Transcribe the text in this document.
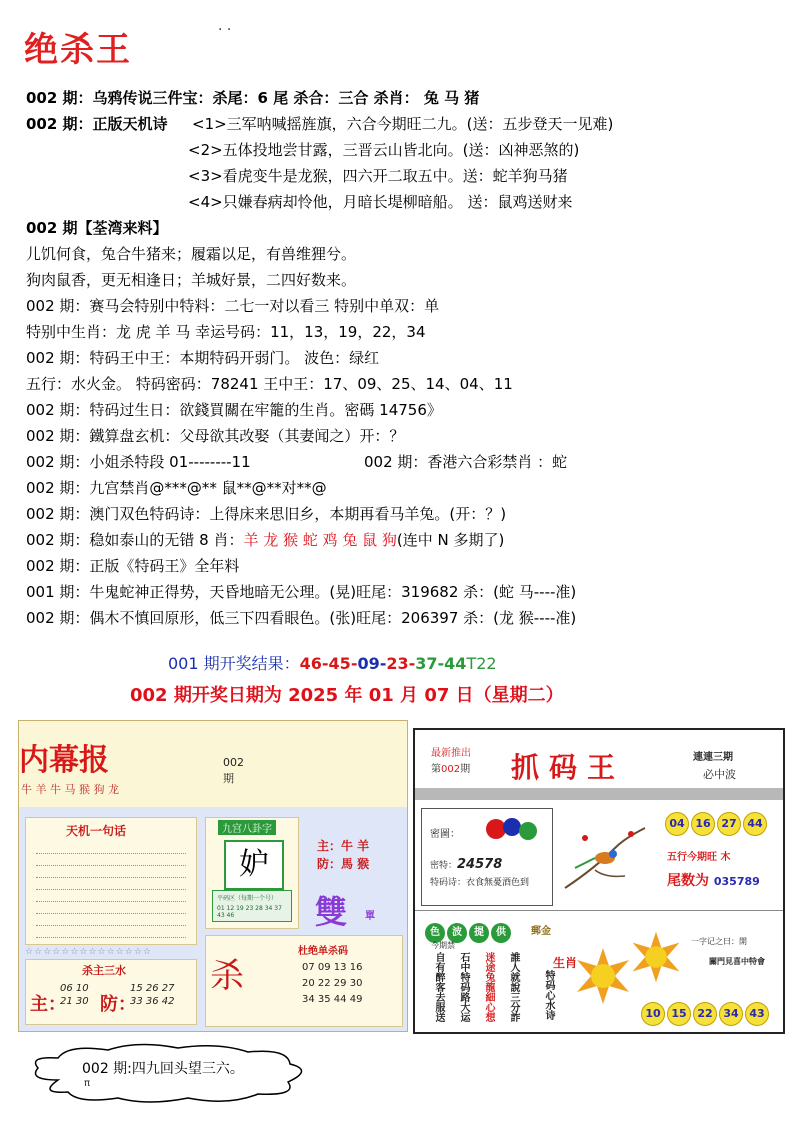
绝杀王	· ·
002 期：乌鸦传说三件宝：杀尾：6 尾 杀合：三合 杀肖： 兔 马 猪
002 期：正版天机诗 <1>三军呐喊摇旌旗，六合今期旺二九。(送：五步登天一见难)
<2>五体投地尝甘露，三晋云山皆北向。(送：凶神恶煞的)
<3>看虎变牛是龙猴，四六开二取五中。送：蛇羊狗马猪
<4>只嫌春病却怜他，月暗长堤柳暗船。 送：鼠鸡送财来
002 期【荃湾来料】
儿饥何食，兔合牛猪来；履霜以足，有兽维狸兮。
狗肉鼠香，更无相逢日；羊城好景，二四好数来。
002 期：赛马会特别中特料：二七一对以看三 特别中单双：单
特别中生肖：龙 虎 羊 马 幸运号码：11，13，19，22，34
002 期：特码王中王：本期特码开弱门。 波色：绿红
五行：水火金。 特码密码：78241 王中王：17、09、25、14、04、11
002 期：特码过生日：欲錢買關在牢籠的生肖。密碼 14756》
002 期：鐵算盘玄机：父母欲其改娶（其妻闻之）开：？
002 期：小姐杀特段 01--------11	002 期：香港六合彩禁肖 ：蛇
002 期：九宫禁肖@***@** 鼠**@**对**@
002 期：澳门双色特码诗：上得床来思旧乡，本期再看马羊兔。(开：？)
002 期：稳如泰山的无错 8 肖：羊 龙 猴 蛇 鸡 兔 鼠 狗(连中 N 多期了)
002 期：正版《特码王》全年料
001 期：牛鬼蛇神正得势，天昏地暗无公理。(晃)旺尾：319682 杀：(蛇 马----准)
002 期：偶木不慎回原形，低三下四看眼色。(张)旺尾：206397 杀：(龙 猴----准)
001 期开奖结果：46-45-09-23-37-44T22
002 期开奖日期为 2025 年 01 月 07 日（星期二）
内幕报
牛 羊 牛 马 猴 狗 龙
002
期
天机一句话
☆☆☆☆☆☆☆☆☆☆☆☆☆☆
杀主三水
主：
06 10
21 30 防：
15 26 27
33 36 42
九宫八卦字
妒
平码区（每期一个号）
01 12 19 23 28 34 37 43 46
主：牛 羊
防：馬 猴
雙 單
杀
杜绝单杀码
07 09 13 16
20 22 29 30
34 35 44 49
最新推出
第002期 抓码王	連連三期
必中波
密圖：
密特：24578
特码诗：衣食無憂酒色到
04 16 27 44
五行今期旺 木
尾数为 035789
色 波 提 供	郵金
今期禁
自有醉客去服送 石中特码路大运 迷途兔龍細心想 誰人就說三分詐	生肖
特码心水诗
一字记之曰：開
關門見喜中特會
10 15 22 34 43
002 期:四九回头望三六。
π
